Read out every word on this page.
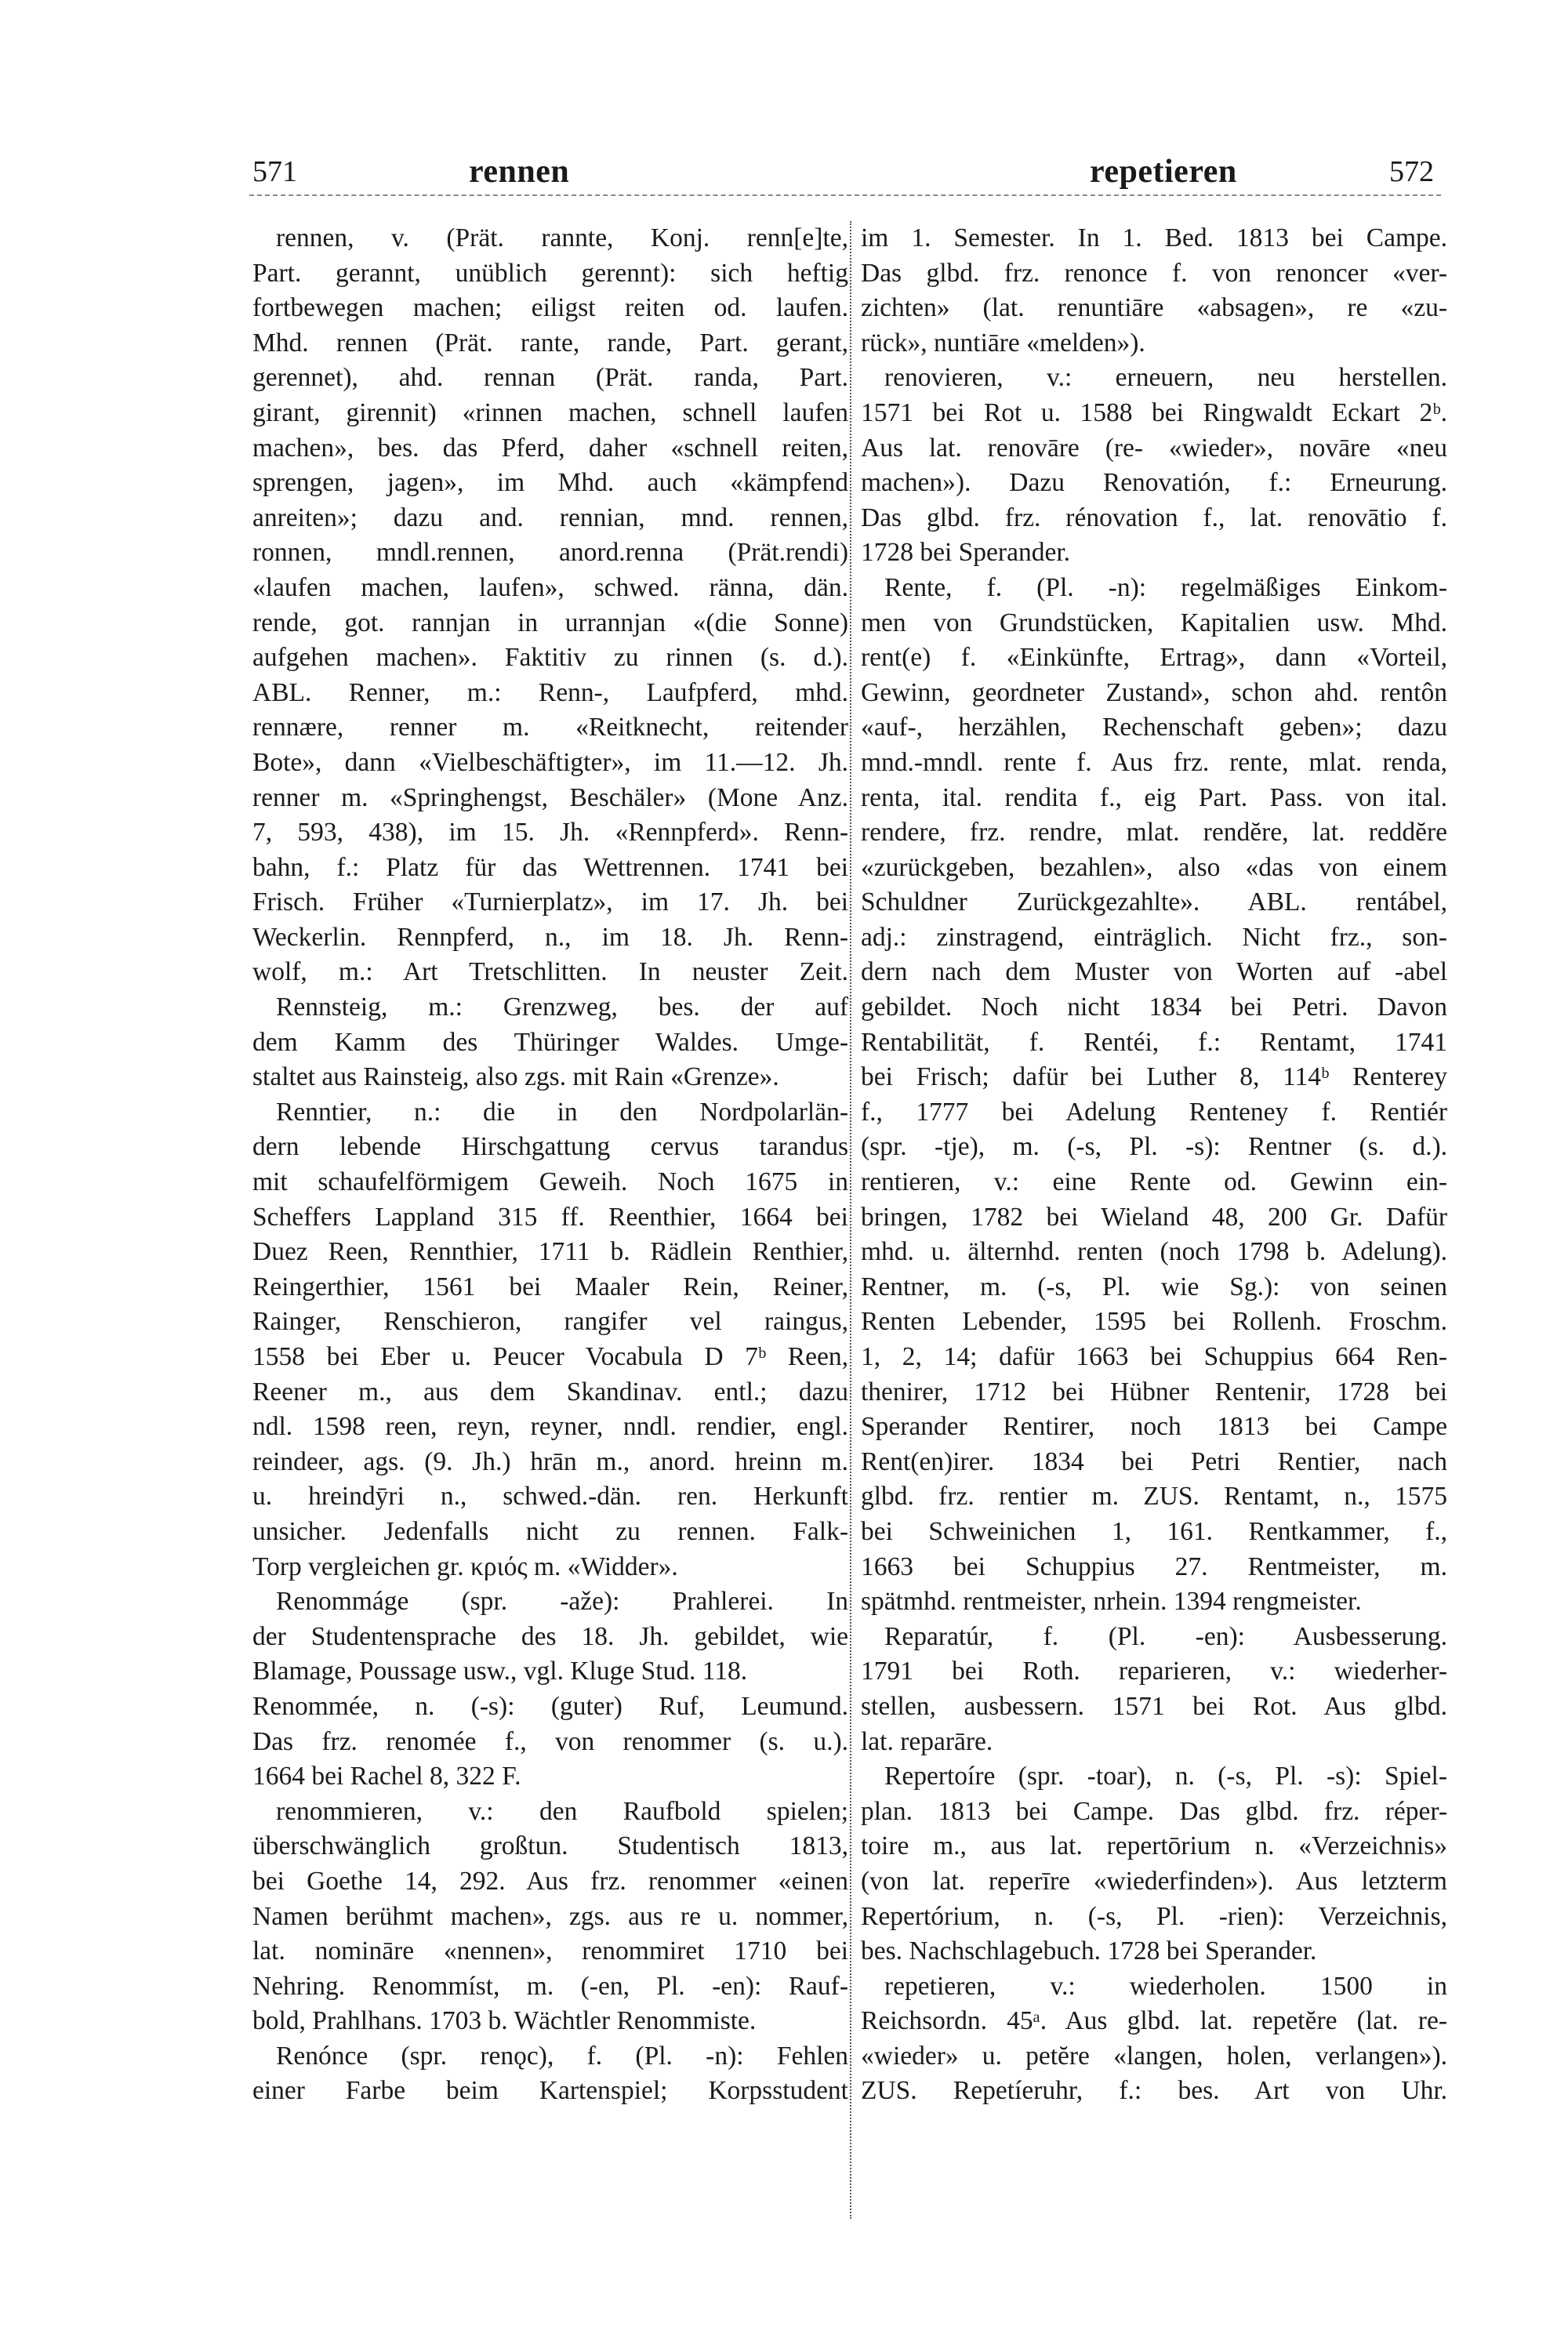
571	rennen	repetieren	572
rennen, v. (Prät. rannte, Konj. renn[e]te,
Part. gerannt, unüblich gerennt): sich heftig
fortbewegen machen; eiligst reiten od. laufen.
Mhd. rennen (Prät. rante, rande, Part. gerant,
gerennet), ahd. rennan (Prät. randa, Part.
girant, girennit) «rinnen machen, schnell laufen
machen», bes. das Pferd, daher «schnell reiten,
sprengen, jagen», im Mhd. auch «kämpfend
anreiten»; dazu and. rennian, mnd. rennen,
ronnen, mndl.rennen, anord.renna (Prät.rendi)
«laufen machen, laufen», schwed. ränna, dän.
rende, got. rannjan in urrannjan «(die Sonne)
aufgehen machen». Faktitiv zu rinnen (s. d.).
ABL. Renner, m.: Renn-, Laufpferd, mhd.
rennære, renner m. «Reitknecht, reitender
Bote», dann «Vielbeschäftigter», im 11.—12. Jh.
renner m. «Springhengst, Beschäler» (Mone Anz.
7, 593, 438), im 15. Jh. «Rennpferd». Renn-
bahn, f.: Platz für das Wettrennen. 1741 bei
Frisch. Früher «Turnierplatz», im 17. Jh. bei
Weckerlin. Rennpferd, n., im 18. Jh. Renn-
wolf, m.: Art Tretschlitten. In neuster Zeit.
Rennsteig, m.: Grenzweg, bes. der auf
dem Kamm des Thüringer Waldes. Umge-
staltet aus Rainsteig, also zgs. mit Rain «Grenze».
Renntier, n.: die in den Nordpolarlän-
dern lebende Hirschgattung cervus tarandus
mit schaufelförmigem Geweih. Noch 1675 in
Scheffers Lappland 315 ff. Reenthier, 1664 bei
Duez Reen, Rennthier, 1711 b. Rädlein Renthier,
Reingerthier, 1561 bei Maaler Rein, Reiner,
Rainger, Renschieron, rangifer vel raingus,
1558 bei Eber u. Peucer Vocabula D 7ᵇ Reen,
Reener m., aus dem Skandinav. entl.; dazu
ndl. 1598 reen, reyn, reyner, nndl. rendier, engl.
reindeer, ags. (9. Jh.) hrān m., anord. hreinn m.
u. hreindȳri n., schwed.-dän. ren. Herkunft
unsicher. Jedenfalls nicht zu rennen. Falk-
Torp vergleichen gr. κριός m. «Widder».
Renommáge (spr. -aže): Prahlerei. In
der Studentensprache des 18. Jh. gebildet, wie
Blamage, Poussage usw., vgl. Kluge Stud. 118.
Renommée, n. (-s): (guter) Ruf, Leumund.
Das frz. renomée f., von renommer (s. u.).
1664 bei Rachel 8, 322 F.
renommieren, v.: den Raufbold spielen;
überschwänglich großtun. Studentisch 1813,
bei Goethe 14, 292. Aus frz. renommer «einen
Namen berühmt machen», zgs. aus re u. nommer,
lat. nomināre «nennen», renommiret 1710 bei
Nehring. Renommíst, m. (-en, Pl. -en): Rauf-
bold, Prahlhans. 1703 b. Wächtler Renommiste.
Renónce (spr. renǫc), f. (Pl. -n): Fehlen
einer Farbe beim Kartenspiel; Korpsstudent
im 1. Semester. In 1. Bed. 1813 bei Campe.
Das glbd. frz. renonce f. von renoncer «ver-
zichten» (lat. renuntiāre «absagen», re «zu-
rück», nuntiāre «melden»).
renovieren, v.: erneuern, neu herstellen.
1571 bei Rot u. 1588 bei Ringwaldt Eckart 2ᵇ.
Aus lat. renovāre (re- «wieder», novāre «neu
machen»). Dazu Renovatión, f.: Erneurung.
Das glbd. frz. rénovation f., lat. renovātio f.
1728 bei Sperander.
Rente, f. (Pl. -n): regelmäßiges Einkom-
men von Grundstücken, Kapitalien usw. Mhd.
rent(e) f. «Einkünfte, Ertrag», dann «Vorteil,
Gewinn, geordneter Zustand», schon ahd. rentôn
«auf-, herzählen, Rechenschaft geben»; dazu
mnd.-mndl. rente f. Aus frz. rente, mlat. renda,
renta, ital. rendita f., eig Part. Pass. von ital.
rendere, frz. rendre, mlat. rendĕre, lat. reddĕre
«zurückgeben, bezahlen», also «das von einem
Schuldner Zurückgezahlte». ABL. rentábel,
adj.: zinstragend, einträglich. Nicht frz., son-
dern nach dem Muster von Worten auf -abel
gebildet. Noch nicht 1834 bei Petri. Davon
Rentabilität, f. Rentéi, f.: Rentamt, 1741
bei Frisch; dafür bei Luther 8, 114ᵇ Renterey
f., 1777 bei Adelung Renteney f. Rentiér
(spr. -tje), m. (-s, Pl. -s): Rentner (s. d.).
rentieren, v.: eine Rente od. Gewinn ein-
bringen, 1782 bei Wieland 48, 200 Gr. Dafür
mhd. u. älternhd. renten (noch 1798 b. Adelung).
Rentner, m. (-s, Pl. wie Sg.): von seinen
Renten Lebender, 1595 bei Rollenh. Froschm.
1, 2, 14; dafür 1663 bei Schuppius 664 Ren-
thenirer, 1712 bei Hübner Rentenir, 1728 bei
Sperander Rentirer, noch 1813 bei Campe
Rent(en)irer. 1834 bei Petri Rentier, nach
glbd. frz. rentier m. ZUS. Rentamt, n., 1575
bei Schweinichen 1, 161. Rentkammer, f.,
1663 bei Schuppius 27. Rentmeister, m.
spätmhd. rentmeister, nrhein. 1394 rengmeister.
Reparatúr, f. (Pl. -en): Ausbesserung.
1791 bei Roth. reparieren, v.: wiederher-
stellen, ausbessern. 1571 bei Rot. Aus glbd.
lat. reparāre.
Repertoíre (spr. -toar), n. (-s, Pl. -s): Spiel-
plan. 1813 bei Campe. Das glbd. frz. réper-
toire m., aus lat. repertōrium n. «Verzeichnis»
(von lat. reperīre «wiederfinden»). Aus letzterm
Repertórium, n. (-s, Pl. -rien): Verzeichnis,
bes. Nachschlagebuch. 1728 bei Sperander.
repetieren, v.: wiederholen. 1500 in
Reichsordn. 45ᵃ. Aus glbd. lat. repetĕre (lat. re-
«wieder» u. petĕre «langen, holen, verlangen»).
ZUS. Repetíeruhr, f.: bes. Art von Uhr.
